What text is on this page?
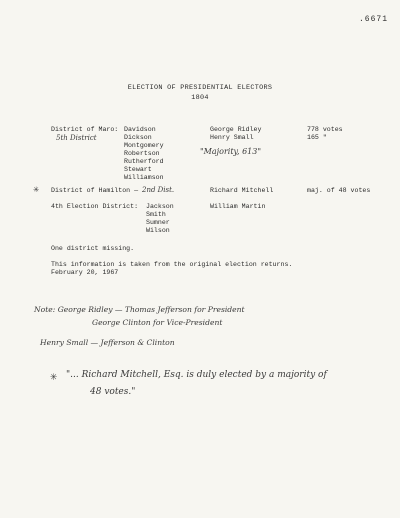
.6671
ELECTION OF PRESIDENTIAL ELECTORS
1804
District of Maro:
5th District
Davidson
Dickson
Montgomery
Robertson
Rutherford
Stewart
Williamson
George Ridley
Henry Small
778 votes
165 "
"Majority, 613"
✳ District of Hamilton — 2nd Dist.	Richard Mitchell	maj. of 48 votes
4th Election District: Jackson
Smith
Sumner
Wilson
William Martin
One district missing.
This information is taken from the original election returns.
February 20, 1967
Note: George Ridley — Thomas Jefferson for President
George Clinton for Vice-President
Henry Small — Jefferson & Clinton
✳ "... Richard Mitchell, Esq. is duly elected by a majority of
48 votes."
